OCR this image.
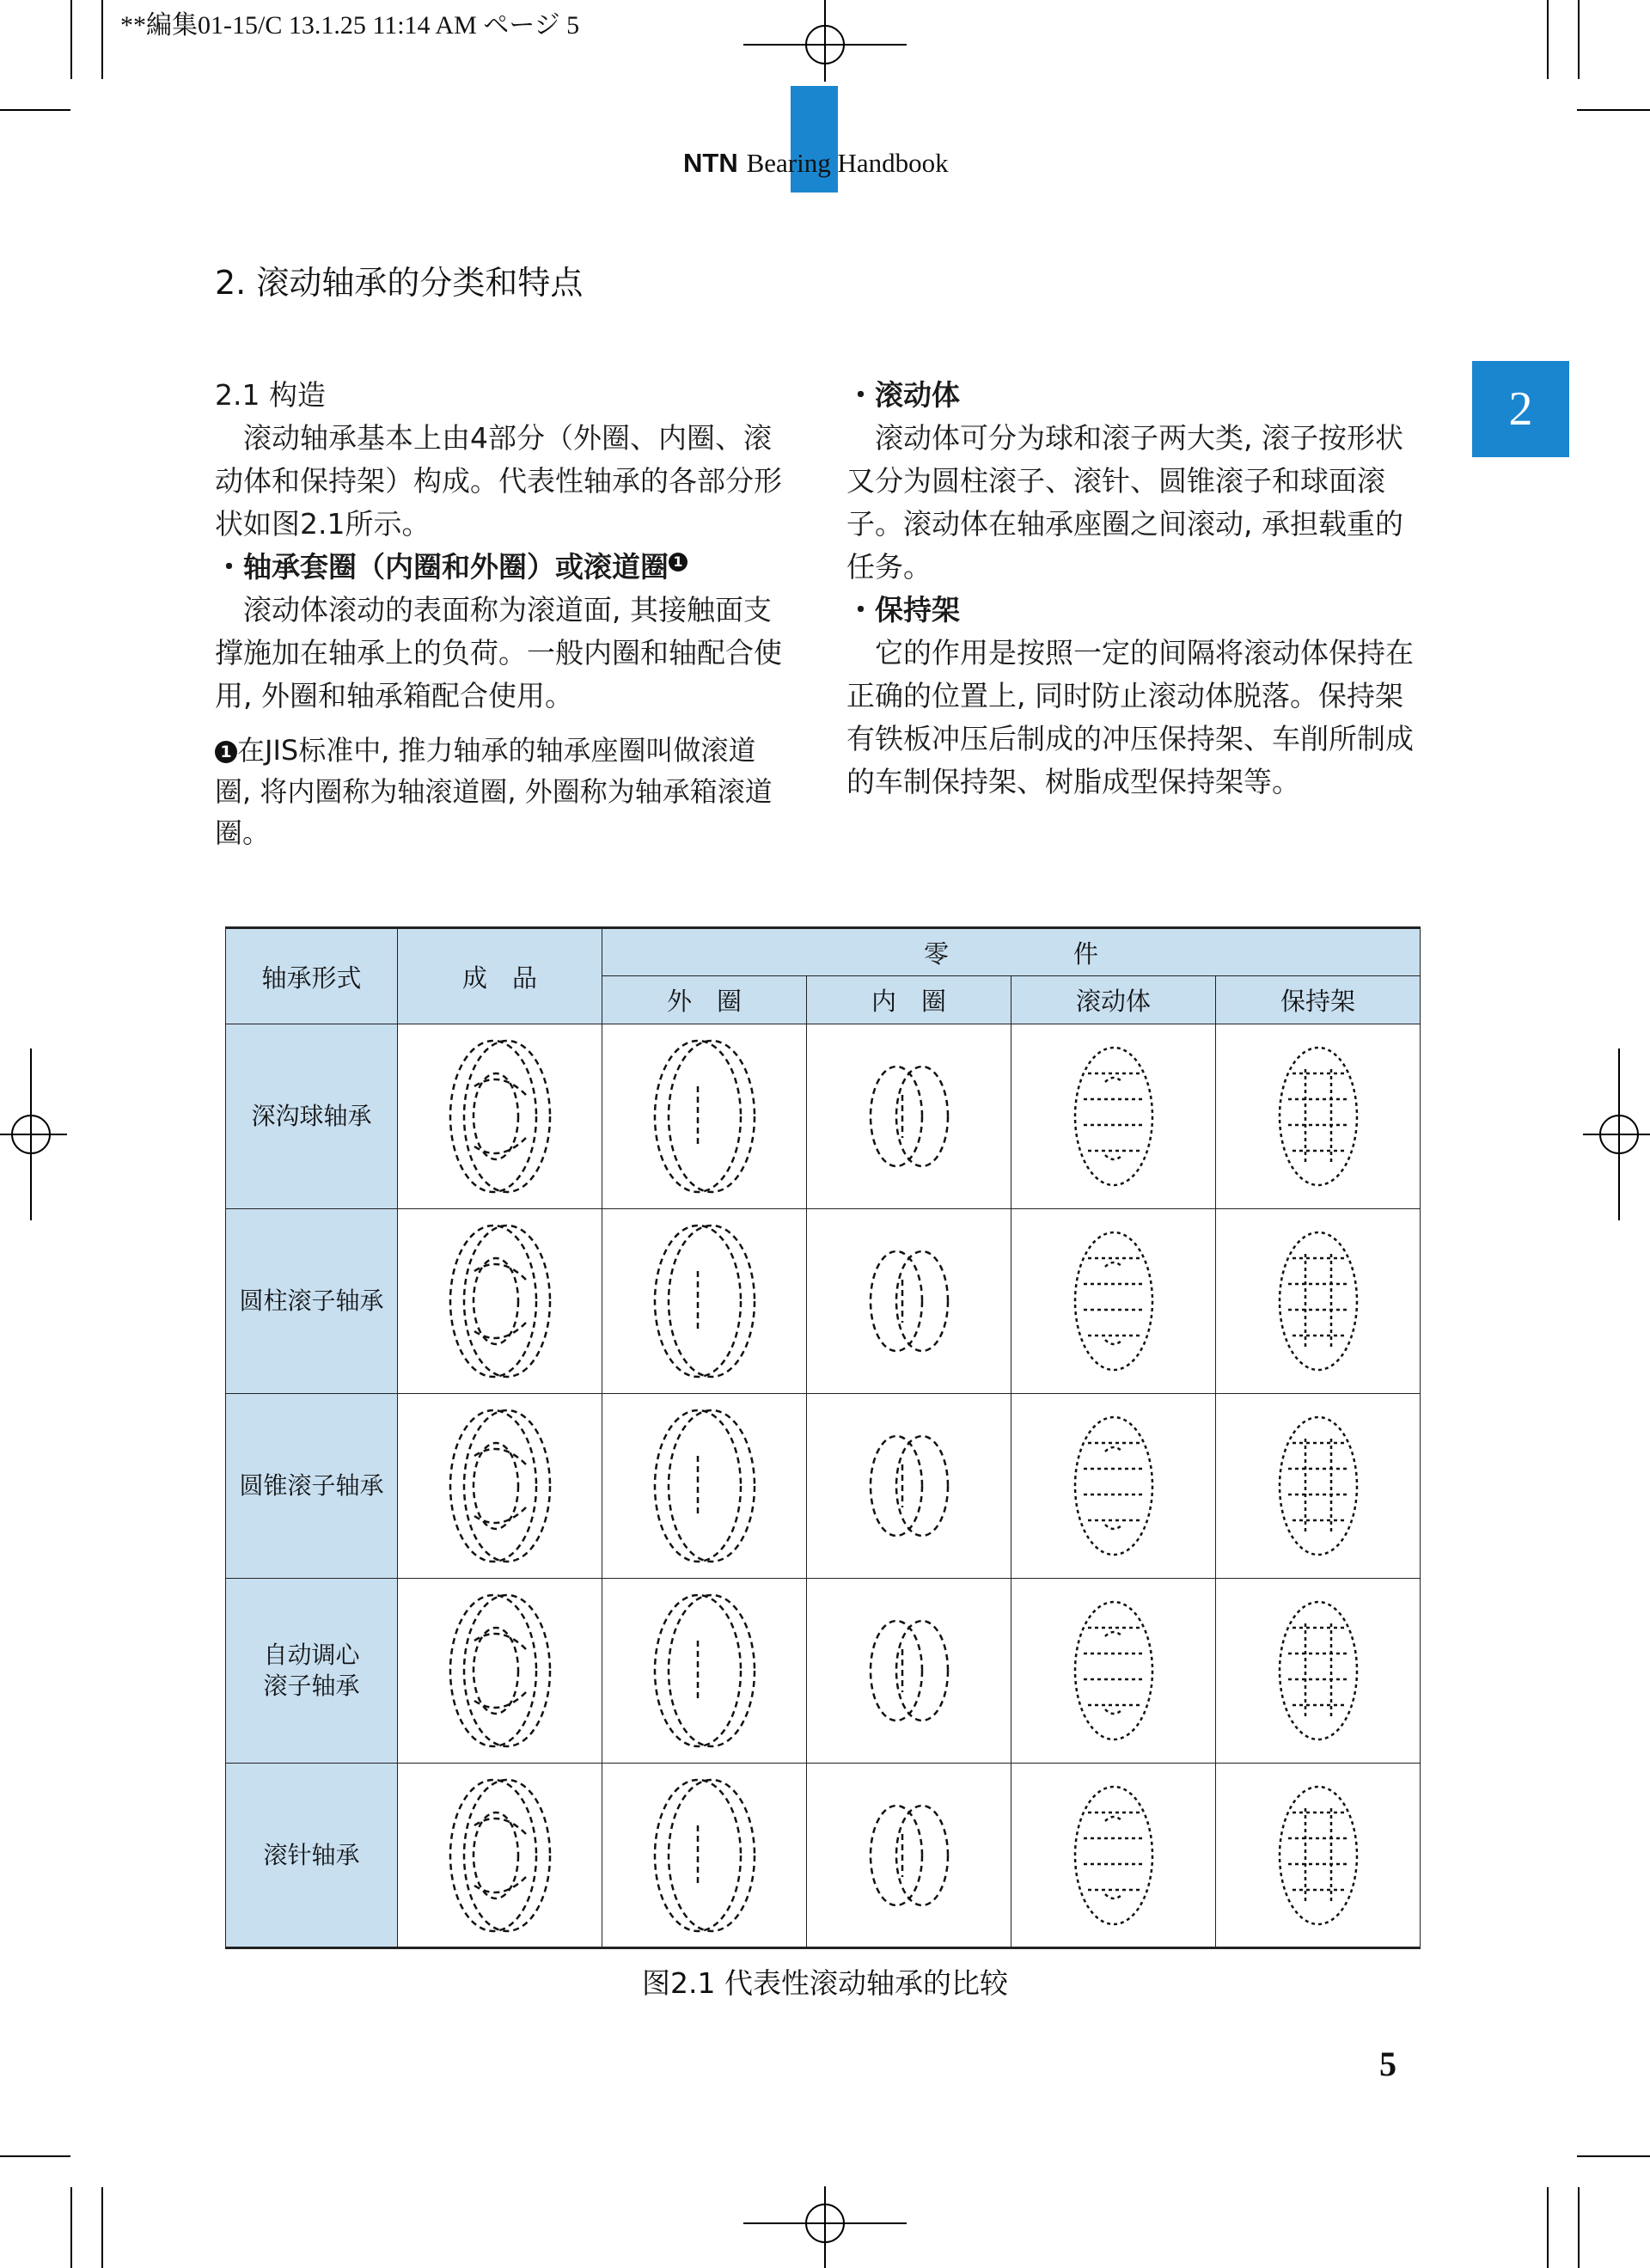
**編集01-15/C 13.1.25 11:14 AM ページ 5
NTN Bearing Handbook
2
2. 滚动轴承的分类和特点
2.1 构造

滚动轴承基本上由4部分（外圈、内圈、滚动体和保持架）构成。代表性轴承的各部分形状如图2.1所示。

・轴承套圈（内圈和外圈）或滚道圈 1

滚动体滚动的表面称为滚道面, 其接触面支撑施加在轴承上的负荷。一般内圈和轴配合使用, 外圈和轴承箱配合使用。

1 在JIS标准中, 推力轴承的轴承座圈叫做滚道圈, 将内圈称为轴滚道圈, 外圈称为轴承箱滚道圈。
・滚动体

滚动体可分为球和滚子两大类, 滚子按形状又分为圆柱滚子、滚针、圆锥滚子和球面滚子。滚动体在轴承座圈之间滚动, 承担载重的任务。

・保持架

它的作用是按照一定的间隔将滚动体保持在正确的位置上, 同时防止滚动体脱落。保持架有铁板冲压后制成的冲压保持架、车削所制成的车制保持架、树脂成型保持架等。

轴承形式	成　品	零　　　　　件			
		外　圈	内　圈	滚动体	保持架
深沟球轴承	

圆柱滚子轴承	

圆锥滚子轴承	

自动调心
滚子轴承	

滚针轴承	

图2.1 代表性滚动轴承的比较
5
